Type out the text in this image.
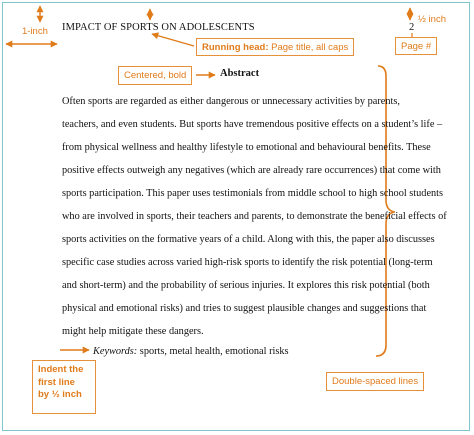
IMPACT OF SPORTS ON ADOLESCENTS	2
1-inch
½ inch
Running head: Page title, all caps	Page #
Centered, bold	Abstract
Often sports are regarded as either dangerous or unnecessary activities by parents,
teachers, and even students. But sports have tremendous positive effects on a student’s life –
from physical wellness and healthy lifestyle to emotional and behavioural benefits. These
positive effects outweigh any negatives (which are already rare occurrences) that come with
sports participation. This paper uses testimonials from middle school to high school students
who are involved in sports, their teachers and parents, to demonstrate the beneficial effects of
sports activities on the formative years of a child. Along with this, the paper also discusses
specific case studies across varied high-risk sports to identify the risk potential (long-term
and short-term) and the probability of serious injuries. It explores this risk potential (both
physical and emotional risks) and tries to suggest plausible changes and suggestions that
might help mitigate these dangers.
Keywords: sports, metal health, emotional risks
Indent the
first line
by ½ inch
Double-spaced lines
